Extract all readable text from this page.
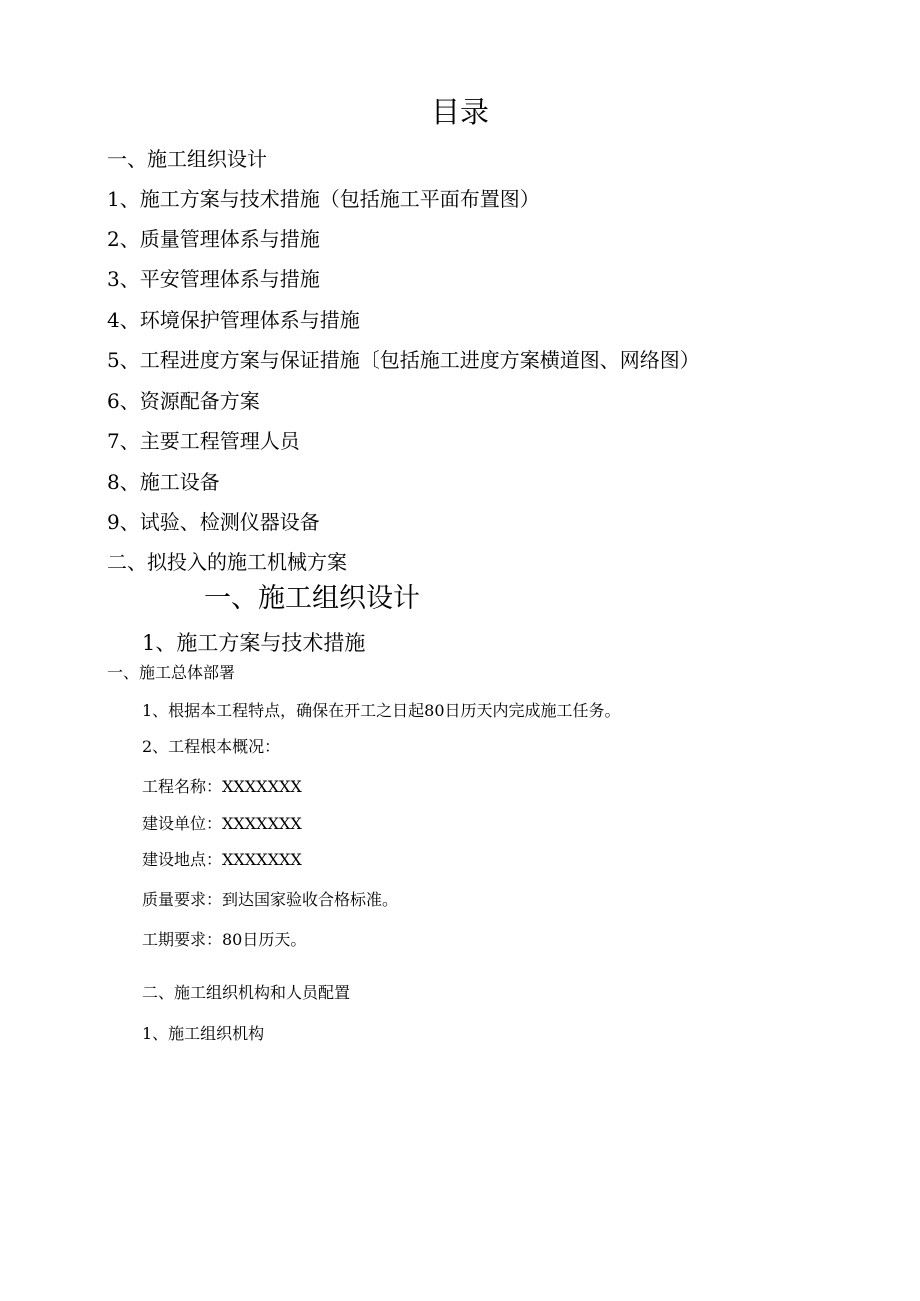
目录
一、施工组织设计
1、施工方案与技术措施（包括施工平面布置图）
2、质量管理体系与措施
3、平安管理体系与措施
4、环境保护管理体系与措施
5、工程进度方案与保证措施〔包括施工进度方案横道图、网络图）
6、资源配备方案
7、主要工程管理人员
8、施工设备
9、试验、检测仪器设备
二、拟投入的施工机械方案
一、施工组织设计
1、施工方案与技术措施
一、施工总体部署
1、根据本工程特点，确保在开工之日起80日历天内完成施工任务。
2、工程根本概况：
工程名称：XXXXXXX
建设单位：XXXXXXX
建设地点：XXXXXXX
质量要求：到达国家验收合格标准。
工期要求：80日历天。
二、施工组织机构和人员配置
1、施工组织机构
